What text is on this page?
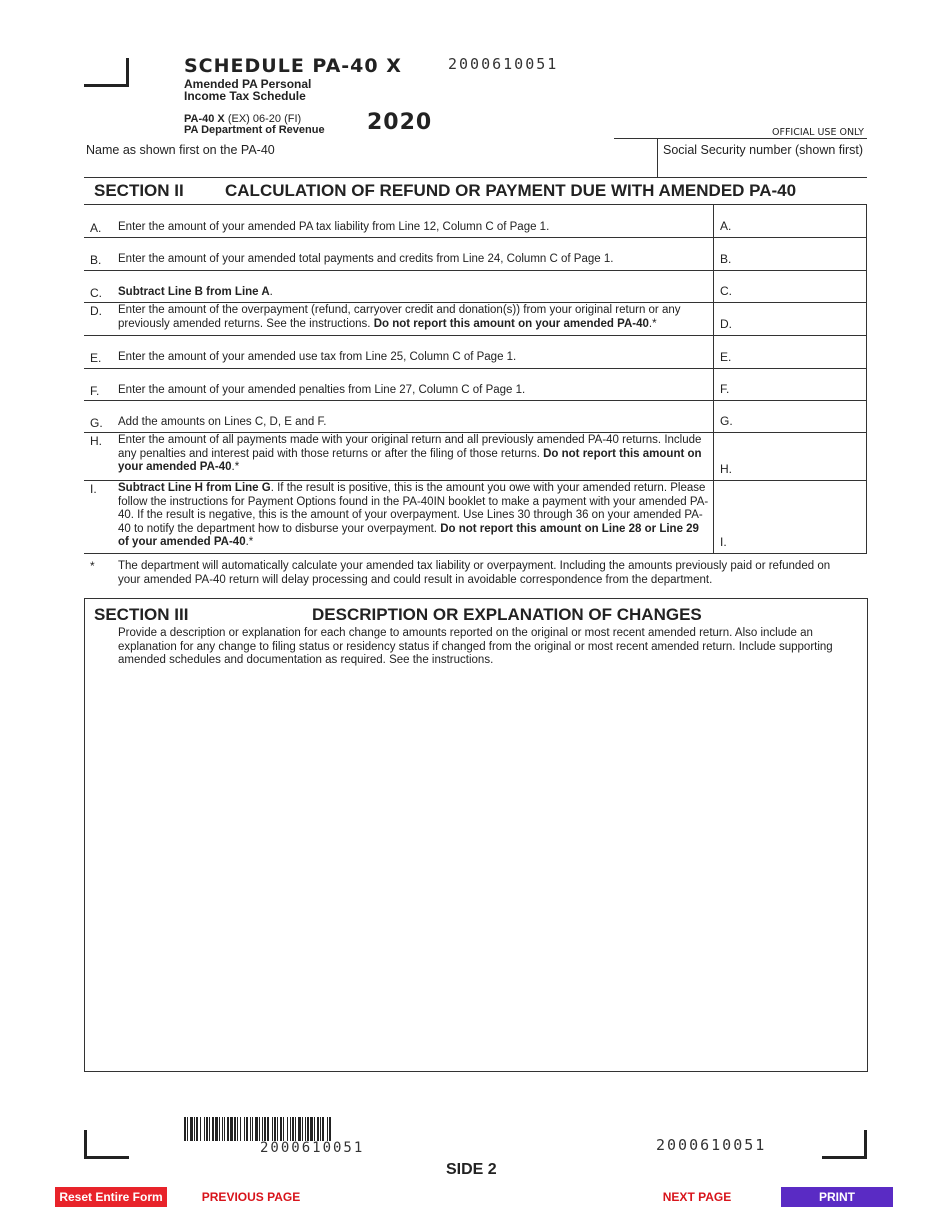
SCHEDULE PA-40 X	2000610051
Amended PA Personal
Income Tax Schedule
PA-40 X (EX) 06-20 (FI)
PA Department of Revenue 2020	OFFICIAL USE ONLY
Name as shown first on the PA-40	Social Security number (shown first)
SECTION II CALCULATION OF REFUND OR PAYMENT DUE WITH AMENDED PA-40
A. Enter the amount of your amended PA tax liability from Line 12, Column C of Page 1.	A.
B. Enter the amount of your amended total payments and credits from Line 24, Column C of Page 1.	B.
C. Subtract Line B from Line A.	C.
D. Enter the amount of the overpayment (refund, carryover credit and donation(s)) from your original return or any previously amended returns. See the instructions. Do not report this amount on your amended PA-40.*	D.
E. Enter the amount of your amended use tax from Line 25, Column C of Page 1.	E.
F. Enter the amount of your amended penalties from Line 27, Column C of Page 1.	F.
G. Add the amounts on Lines C, D, E and F.	G.
H. Enter the amount of all payments made with your original return and all previously amended PA-40 returns. Include any penalties and interest paid with those returns or after the filing of those returns. Do not report this amount on your amended PA-40.*	H.
I. Subtract Line H from Line G. If the result is positive, this is the amount you owe with your amended return. Please follow the instructions for Payment Options found in the PA-40IN booklet to make a payment with your amended PA-40. If the result is negative, this is the amount of your overpayment. Use Lines 30 through 36 on your amended PA-40 to notify the department how to disburse your overpayment. Do not report this amount on Line 28 or Line 29 of your amended PA-40.*	I.
* The department will automatically calculate your amended tax liability or overpayment. Including the amounts previously paid or refunded on your amended PA-40 return will delay processing and could result in avoidable correspondence from the department.
SECTION III	DESCRIPTION OR EXPLANATION OF CHANGES
Provide a description or explanation for each change to amounts reported on the original or most recent amended return. Also include an explanation for any change to filing status or residency status if changed from the original or most recent amended return. Include supporting amended schedules and documentation as required. See the instructions.
2000610051	2000610051
SIDE 2
Reset Entire Form	PREVIOUS PAGE	NEXT PAGE	PRINT
